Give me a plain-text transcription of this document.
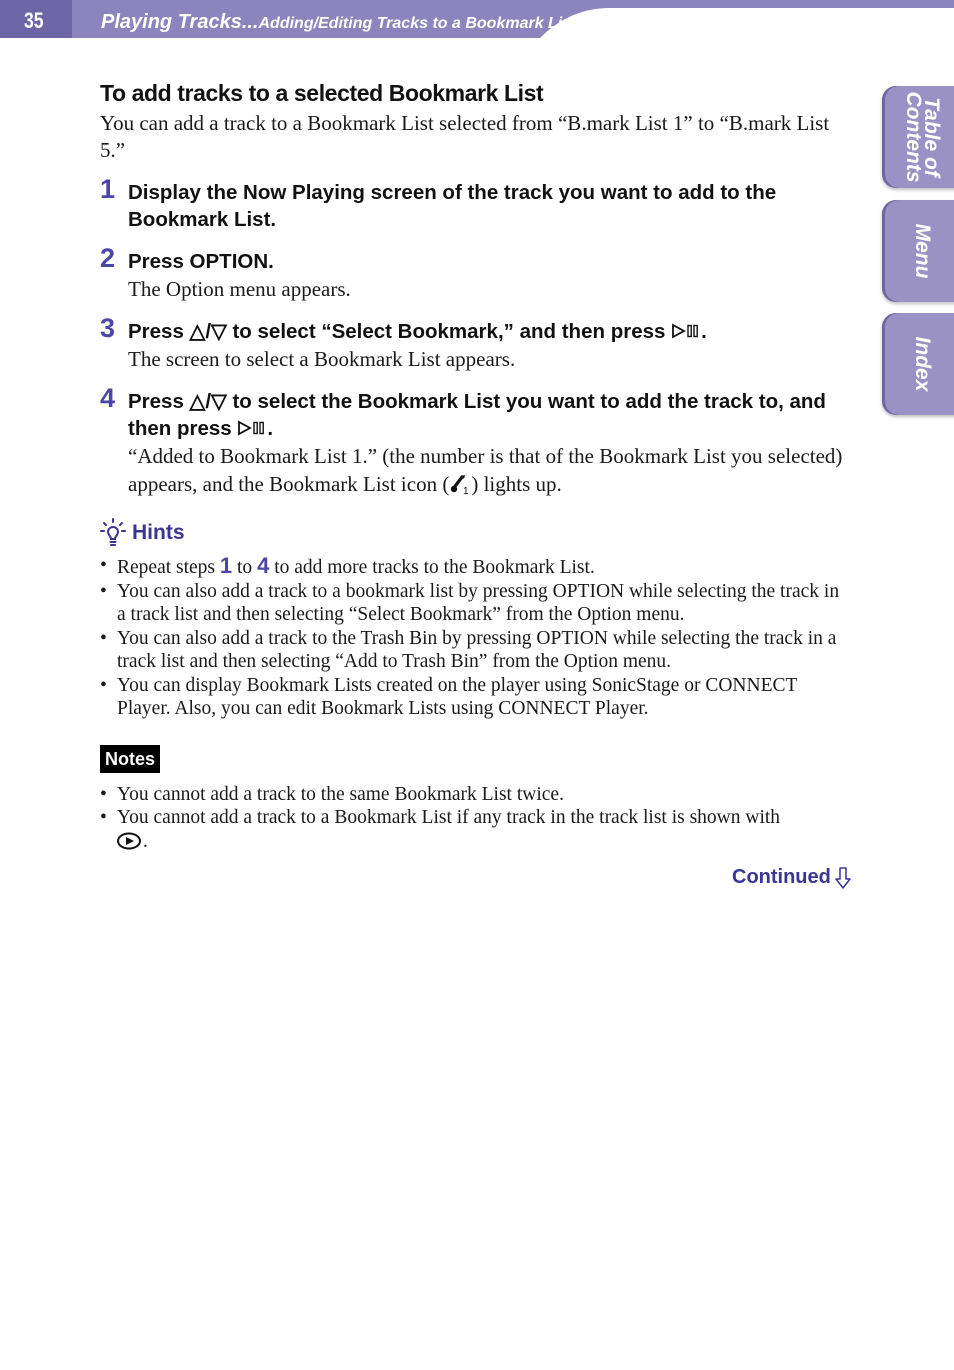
35	Playing Tracks...Adding/Editing Tracks to a Bookmark List
Table of
Contents
Menu
Index
To add tracks to a selected Bookmark List

You can add a track to a Bookmark List selected from “B.mark List 1” to “B.mark List 5.”

1 Display the Now Playing screen of the track you want to add to the Bookmark List.
2 Press OPTION.
The Option menu appears.
3 Press △/▽ to select “Select Bookmark,” and then press .
The screen to select a Bookmark List appears.
4 Press △/▽ to select the Bookmark List you want to add the track to, and then press .
“Added to Bookmark List 1.” (the number is that of the Bookmark List you selected) appears, and the Bookmark List icon ( 1 ) lights up.
Hints
• Repeat steps 1 to 4 to add more tracks to the Bookmark List.
• You can also add a track to a bookmark list by pressing OPTION while selecting the track in a track list and then selecting “Select Bookmark” from the Option menu.
• You can also add a track to the Trash Bin by pressing OPTION while selecting the track in a track list and then selecting “Add to Trash Bin” from the Option menu.
• You can display Bookmark Lists created on the player using SonicStage or CONNECT Player. Also, you can edit Bookmark Lists using CONNECT Player.
Notes
• You cannot add a track to the same Bookmark List twice.
• You cannot add a track to a Bookmark List if any track in the track list is shown with
.
Continued
